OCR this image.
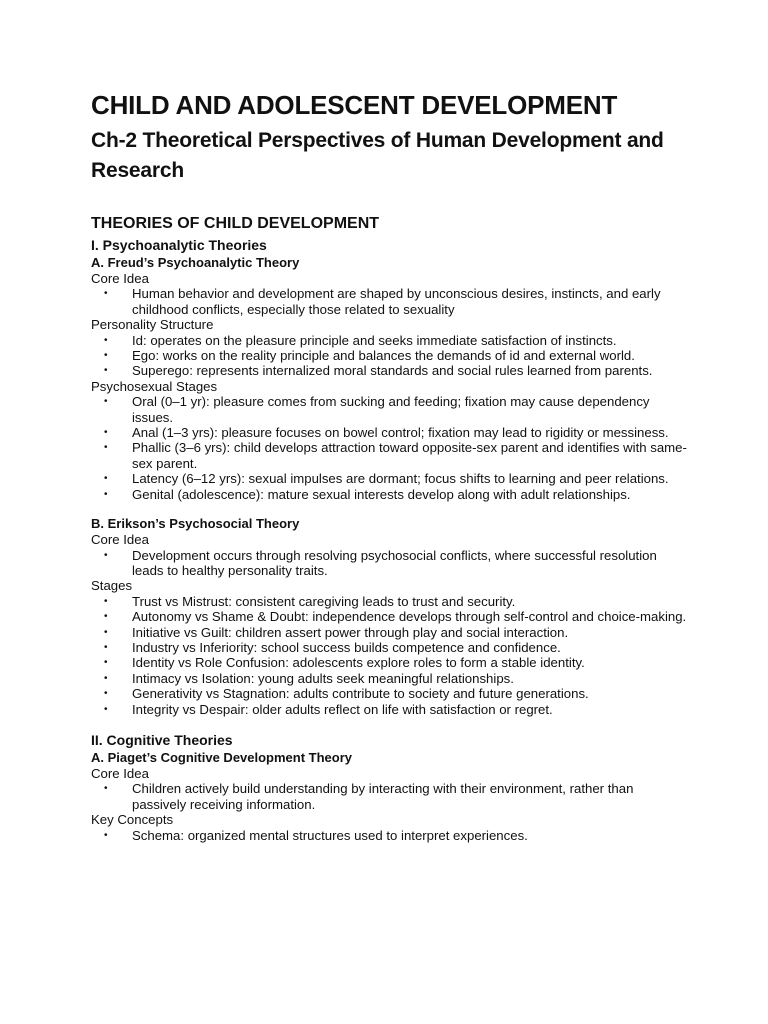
CHILD AND ADOLESCENT DEVELOPMENT
Ch-2 Theoretical Perspectives of Human Development and Research
THEORIES OF CHILD DEVELOPMENT
I. Psychoanalytic Theories
A. Freud’s Psychoanalytic Theory
Core Idea
• Human behavior and development are shaped by unconscious desires, instincts, and early childhood conflicts, especially those related to sexuality
Personality Structure
• Id: operates on the pleasure principle and seeks immediate satisfaction of instincts.
• Ego: works on the reality principle and balances the demands of id and external world.
• Superego: represents internalized moral standards and social rules learned from parents.
Psychosexual Stages
• Oral (0–1 yr): pleasure comes from sucking and feeding; fixation may cause dependency issues.
• Anal (1–3 yrs): pleasure focuses on bowel control; fixation may lead to rigidity or messiness.
• Phallic (3–6 yrs): child develops attraction toward opposite-sex parent and identifies with same-sex parent.
• Latency (6–12 yrs): sexual impulses are dormant; focus shifts to learning and peer relations.
• Genital (adolescence): mature sexual interests develop along with adult relationships.
B. Erikson’s Psychosocial Theory
Core Idea
• Development occurs through resolving psychosocial conflicts, where successful resolution leads to healthy personality traits.
Stages
• Trust vs Mistrust: consistent caregiving leads to trust and security.
• Autonomy vs Shame & Doubt: independence develops through self-control and choice-making.
• Initiative vs Guilt: children assert power through play and social interaction.
• Industry vs Inferiority: school success builds competence and confidence.
• Identity vs Role Confusion: adolescents explore roles to form a stable identity.
• Intimacy vs Isolation: young adults seek meaningful relationships.
• Generativity vs Stagnation: adults contribute to society and future generations.
• Integrity vs Despair: older adults reflect on life with satisfaction or regret.
II. Cognitive Theories
A. Piaget’s Cognitive Development Theory
Core Idea
• Children actively build understanding by interacting with their environment, rather than passively receiving information.
Key Concepts
• Schema: organized mental structures used to interpret experiences.
